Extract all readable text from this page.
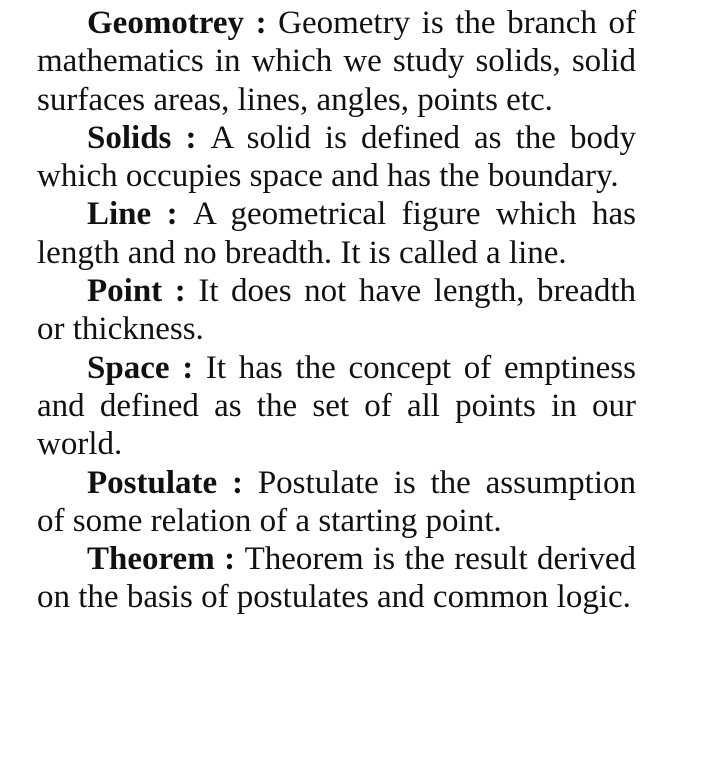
Geomotrey : Geometry is the branch of mathematics in which we study solids, solid surfaces areas, lines, angles, points etc.

Solids : A solid is defined as the body which occupies space and has the boundary.

Line : A geometrical figure which has length and no breadth. It is called a line.

Point : It does not have length, breadth or thickness.

Space : It has the concept of emptiness and defined as the set of all points in our world.

Postulate : Postulate is the assumption of some relation of a starting point.

Theorem : Theorem is the result derived on the basis of postulates and common logic.
